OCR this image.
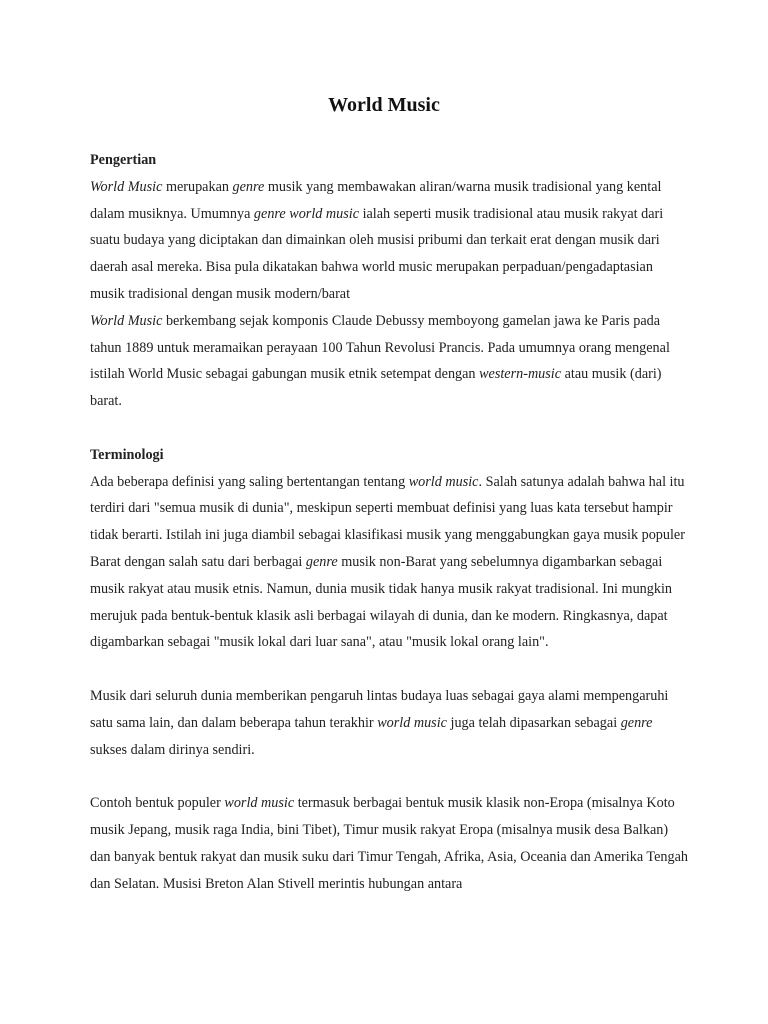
World Music

Pengertian

World Music merupakan genre musik yang membawakan aliran/warna musik tradisional yang kental dalam musiknya. Umumnya genre world music ialah seperti musik tradisional atau musik rakyat dari suatu budaya yang diciptakan dan dimainkan oleh musisi pribumi dan terkait erat dengan musik dari daerah asal mereka. Bisa pula dikatakan bahwa world music merupakan perpaduan/pengadaptasian musik tradisional dengan musik modern/barat

World Music berkembang sejak komponis Claude Debussy memboyong gamelan jawa ke Paris pada tahun 1889 untuk meramaikan perayaan 100 Tahun Revolusi Prancis. Pada umumnya orang mengenal istilah World Music sebagai gabungan musik etnik setempat dengan western-music atau musik (dari) barat.

Terminologi

Ada beberapa definisi yang saling bertentangan tentang world music. Salah satunya adalah bahwa hal itu terdiri dari "semua musik di dunia", meskipun seperti membuat definisi yang luas kata tersebut hampir tidak berarti. Istilah ini juga diambil sebagai klasifikasi musik yang menggabungkan gaya musik populer Barat dengan salah satu dari berbagai genre musik non-Barat yang sebelumnya digambarkan sebagai musik rakyat atau musik etnis. Namun, dunia musik tidak hanya musik rakyat tradisional. Ini mungkin merujuk pada bentuk-bentuk klasik asli berbagai wilayah di dunia, dan ke modern. Ringkasnya, dapat digambarkan sebagai "musik lokal dari luar sana", atau "musik lokal orang lain".

Musik dari seluruh dunia memberikan pengaruh lintas budaya luas sebagai gaya alami mempengaruhi satu sama lain, dan dalam beberapa tahun terakhir world music juga telah dipasarkan sebagai genre sukses dalam dirinya sendiri.

Contoh bentuk populer world music termasuk berbagai bentuk musik klasik non-Eropa (misalnya Koto musik Jepang, musik raga India, bini Tibet), Timur musik rakyat Eropa (misalnya musik desa Balkan) dan banyak bentuk rakyat dan musik suku dari Timur Tengah, Afrika, Asia, Oceania dan Amerika Tengah dan Selatan. Musisi Breton Alan Stivell merintis hubungan antara
